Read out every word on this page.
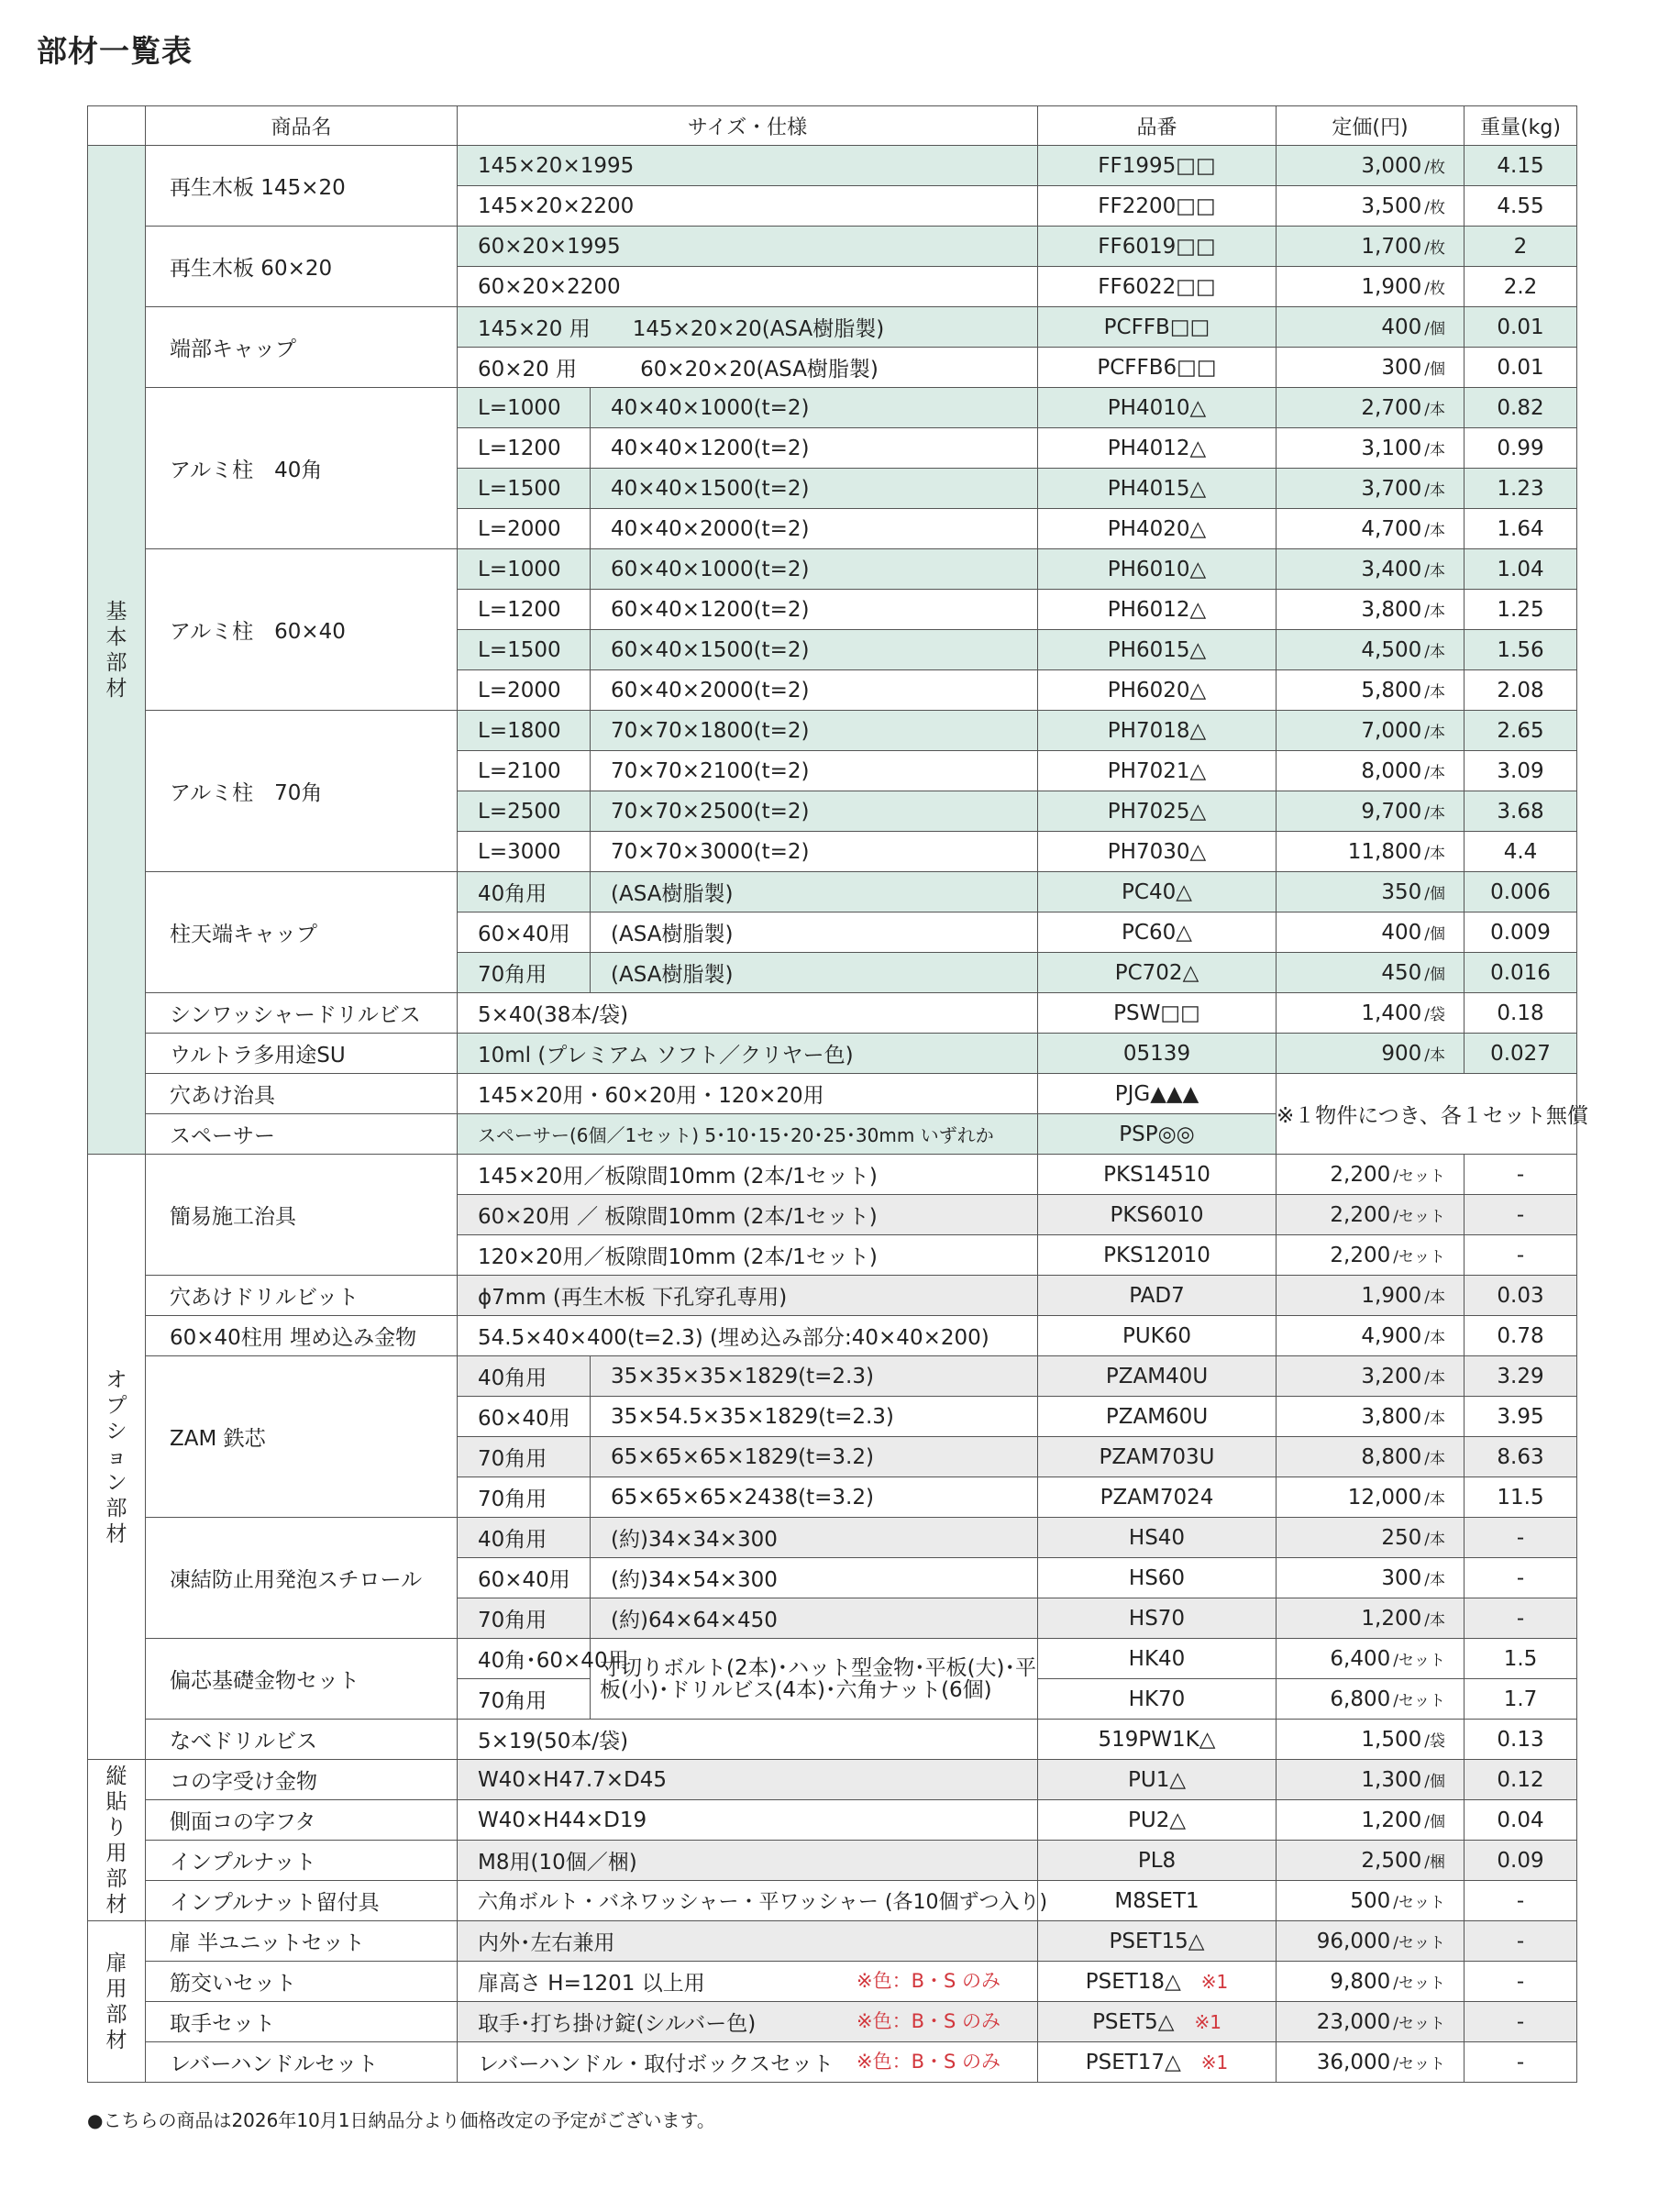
部材一覧表
	商品名	サイズ・仕様		品番	定価(円)	重量(kg)

基本部材	再生木板 145×20	145×20×1995		FF1995□□	3,000 /枚	4.15
		145×20×2200		FF2200□□	3,500 /枚	4.55
	再生木板 60×20	60×20×1995		FF6019□□	1,700 /枚	2
		60×20×2200		FF6022□□	1,900 /枚	2.2
	端部キャップ	145×20 用　　145×20×20(ASA樹脂製)		PCFFB□□	400 /個	0.01
		60×20 用　　　60×20×20(ASA樹脂製)		PCFFB6□□	300 /個	0.01
	アルミ柱　40角	L=1000	40×40×1000(t=2)	PH4010△	2,700 /本	0.82
		L=1200	40×40×1200(t=2)	PH4012△	3,100 /本	0.99
		L=1500	40×40×1500(t=2)	PH4015△	3,700 /本	1.23
		L=2000	40×40×2000(t=2)	PH4020△	4,700 /本	1.64
	アルミ柱　60×40	L=1000	60×40×1000(t=2)	PH6010△	3,400 /本	1.04
		L=1200	60×40×1200(t=2)	PH6012△	3,800 /本	1.25
		L=1500	60×40×1500(t=2)	PH6015△	4,500 /本	1.56
		L=2000	60×40×2000(t=2)	PH6020△	5,800 /本	2.08
	アルミ柱　70角	L=1800	70×70×1800(t=2)	PH7018△	7,000 /本	2.65
		L=2100	70×70×2100(t=2)	PH7021△	8,000 /本	3.09
		L=2500	70×70×2500(t=2)	PH7025△	9,700 /本	3.68
		L=3000	70×70×3000(t=2)	PH7030△	11,800 /本	4.4
	柱天端キャップ	40角用	(ASA樹脂製)	PC40△	350 /個	0.006
		60×40用	(ASA樹脂製)	PC60△	400 /個	0.009
		70角用	(ASA樹脂製)	PC702△	450 /個	0.016
	シンワッシャードリルビス	5×40(38本/袋)		PSW□□	1,400 /袋	0.18
	ウルトラ多用途SU	10ml (プレミアム ソフト／クリヤー色)		05139	900 /本	0.027
	穴あけ治具	145×20用・60×20用・120×20用		PJG▲▲▲	※１物件につき、各１セット無償	
	スペーサー	スペーサー(6個／1セット) 5･10･15･20･25･30mm いずれか		PSP◎◎		

オプション部材	簡易施工治具	145×20用／板隙間10mm (2本/1セット)		PKS14510	2,200 /セット	-
		60×20用 ／ 板隙間10mm (2本/1セット)		PKS6010	2,200 /セット	-
		120×20用／板隙間10mm (2本/1セット)		PKS12010	2,200 /セット	-
	穴あけドリルビット	ϕ7mm (再生木板 下孔穿孔専用)		PAD7	1,900 /本	0.03
	60×40柱用 埋め込み金物	54.5×40×400(t=2.3) (埋め込み部分:40×40×200)		PUK60	4,900 /本	0.78
	ZAM 鉄芯	40角用	35×35×35×1829(t=2.3)	PZAM40U	3,200 /本	3.29
		60×40用	35×54.5×35×1829(t=2.3)	PZAM60U	3,800 /本	3.95
		70角用	65×65×65×1829(t=3.2)	PZAM703U	8,800 /本	8.63
		70角用	65×65×65×2438(t=3.2)	PZAM7024	12,000 /本	11.5
	凍結防止用発泡スチロール	40角用	(約)34×34×300	HS40	250 /本	-
		60×40用	(約)34×54×300	HS60	300 /本	-
		70角用	(約)64×64×450	HS70	1,200 /本	-
	偏芯基礎金物セット	40角･60×40用	寸切りボルト(2本)･ハット型金物･平板(大)･平板(小)･ドリルビス(4本)･六角ナット(6個)	HK40	6,400 /セット	1.5
		70角用		HK70	6,800 /セット	1.7
	なべドリルビス	5×19(50本/袋)		519PW1K△	1,500 /袋	0.13

縦貼り用部材	コの字受け金物	W40×H47.7×D45		PU1△	1,300 /個	0.12
	側面コの字フタ	W40×H44×D19		PU2△	1,200 /個	0.04
	インプルナット	M8用(10個／梱)		PL8	2,500 /梱	0.09
	インプルナット留付具	六角ボルト・バネワッシャー・平ワッシャー (各10個ずつ入り)		M8SET1	500 /セット	-

扉用部材	扉 半ユニットセット	内外･左右兼用		PSET15△	96,000 /セット	-
	筋交いセット	扉高さ H=1201 以上用 ※色：B・S のみ		PSET18△ ※1	9,800 /セット	-
	取手セット	取手･打ち掛け錠(シルバー色) ※色：B・S のみ		PSET5△ ※1	23,000 /セット	-
	レバーハンドルセット	レバーハンドル・取付ボックスセット ※色：B・S のみ		PSET17△ ※1	36,000 /セット	-

●こちらの商品は2026年10月1日納品分より価格改定の予定がございます。
